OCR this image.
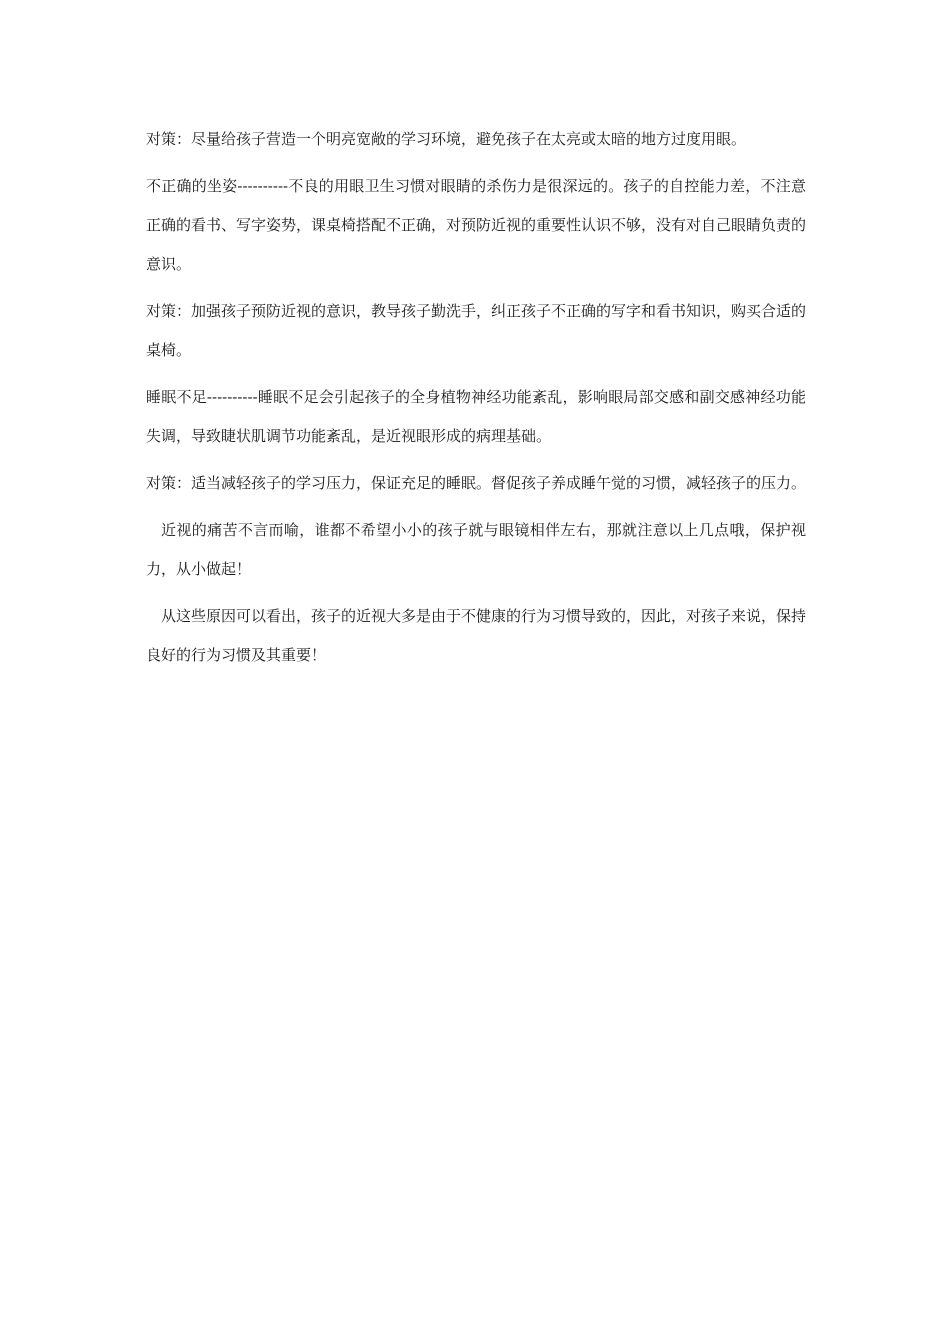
对策：尽量给孩子营造一个明亮宽敞的学习环境，避免孩子在太亮或太暗的地方过度用眼。

不正确的坐姿----------不良的用眼卫生习惯对眼睛的杀伤力是很深远的。孩子的自控能力差，不注意正确的看书、写字姿势，课桌椅搭配不正确，对预防近视的重要性认识不够，没有对自己眼睛负责的意识。

对策：加强孩子预防近视的意识，教导孩子勤洗手，纠正孩子不正确的写字和看书知识，购买合适的桌椅。

睡眠不足----------睡眠不足会引起孩子的全身植物神经功能紊乱，影响眼局部交感和副交感神经功能失调，导致睫状肌调节功能紊乱，是近视眼形成的病理基础。

对策：适当减轻孩子的学习压力，保证充足的睡眠。督促孩子养成睡午觉的习惯，减轻孩子的压力。

近视的痛苦不言而喻，谁都不希望小小的孩子就与眼镜相伴左右，那就注意以上几点哦，保护视力，从小做起！

从这些原因可以看出，孩子的近视大多是由于不健康的行为习惯导致的，因此，对孩子来说，保持良好的行为习惯及其重要！
